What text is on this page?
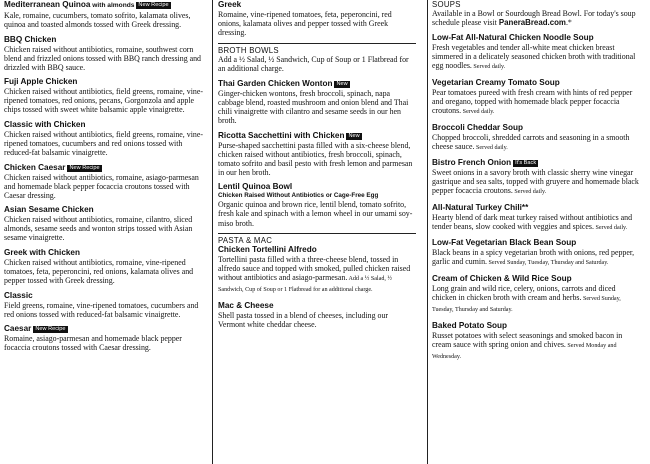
Mediterranean Quinoa with almonds New Recipe
Kale, romaine, cucumbers, tomato sofrito, kalamata olives, quinoa and toasted almonds tossed with Greek dressing.
BBQ Chicken
Chicken raised without antibiotics, romaine, southwest corn blend and frizzled onions tossed with BBQ ranch dressing and drizzled with BBQ sauce.
Fuji Apple Chicken
Chicken raised without antibiotics, field greens, romaine, vine-ripened tomatoes, red onions, pecans, Gorgonzola and apple chips tossed with sweet white balsamic apple vinaigrette.
Classic with Chicken
Chicken raised without antibiotics, field greens, romaine, vine-ripened tomatoes, cucumbers and red onions tossed with reduced-fat balsamic vinaigrette.
Chicken Caesar New Recipe
Chicken raised without antibiotics, romaine, asiago-parmesan and homemade black pepper focaccia croutons tossed with Caesar dressing.
Asian Sesame Chicken
Chicken raised without antibiotics, romaine, cilantro, sliced almonds, sesame seeds and wonton strips tossed with Asian sesame vinaigrette.
Greek with Chicken
Chicken raised without antibiotics, romaine, vine-ripened tomatoes, feta, peperoncini, red onions, kalamata olives and pepper tossed with Greek dressing.
Classic
Field greens, romaine, vine-ripened tomatoes, cucumbers and red onions tossed with reduced-fat balsamic vinaigrette.
Caesar New Recipe
Romaine, asiago-parmesan and homemade black pepper focaccia croutons tossed with Caesar dressing.
Greek
Romaine, vine-ripened tomatoes, feta, peperoncini, red onions, kalamata olives and pepper tossed with Greek dressing.
BROTH BOWLS
Add a ½ Salad, ½ Sandwich, Cup of Soup or 1 Flatbread for an additional charge.
Thai Garden Chicken Wonton New
Ginger-chicken wontons, fresh broccoli, spinach, napa cabbage blend, roasted mushroom and onion blend and Thai chili vinaigrette with cilantro and sesame seeds in our hen broth.
Ricotta Sacchettini with Chicken New
Purse-shaped sacchettini pasta filled with a six-cheese blend, chicken raised without antibiotics, fresh broccoli, spinach, tomato sofrito and basil pesto with fresh lemon and parmesan in our hen broth.
Lentil Quinoa Bowl
Chicken Raised Without Antibiotics or Cage-Free Egg
Organic quinoa and brown rice, lentil blend, tomato sofrito, fresh kale and spinach with a lemon wheel in our umami soy-miso broth.
PASTA & MAC
Chicken Tortellini Alfredo
Tortellini pasta filled with a three-cheese blend, tossed in alfredo sauce and topped with smoked, pulled chicken raised without antibiotics and asiago-parmesan. Add a ½ Salad, ½ Sandwich, Cup of Soup or 1 Flatbread for an additional charge.
Mac & Cheese
Shell pasta tossed in a blend of cheeses, including our Vermont white cheddar cheese.
SOUPS
Available in a Bowl or Sourdough Bread Bowl. For today's soup schedule please visit PaneraBread.com.*
Low-Fat All-Natural Chicken Noodle Soup
Fresh vegetables and tender all-white meat chicken breast simmered in a delicately seasoned chicken broth with traditional egg noodles. Served daily.
Vegetarian Creamy Tomato Soup
Pear tomatoes pureed with fresh cream with hints of red pepper and oregano, topped with homemade black pepper focaccia croutons. Served daily.
Broccoli Cheddar Soup
Chopped broccoli, shredded carrots and seasoning in a smooth cheese sauce. Served daily.
Bistro French Onion It's Back
Sweet onions in a savory broth with classic sherry wine vinegar gastrique and sea salts, topped with gruyere and homemade black pepper focaccia croutons. Served daily.
All-Natural Turkey Chili**
Hearty blend of dark meat turkey raised without antibiotics and tender beans, slow cooked with veggies and spices. Served daily.
Low-Fat Vegetarian Black Bean Soup
Black beans in a spicy vegetarian broth with onions, red pepper, garlic and cumin. Served Sunday, Tuesday, Thursday and Saturday.
Cream of Chicken & Wild Rice Soup
Long grain and wild rice, celery, onions, carrots and diced chicken in chicken broth with cream and herbs. Served Sunday, Tuesday, Thursday and Saturday.
Baked Potato Soup
Russet potatoes with select seasonings and smoked bacon in cream sauce with spring onion and chives. Served Monday and Wednesday.
